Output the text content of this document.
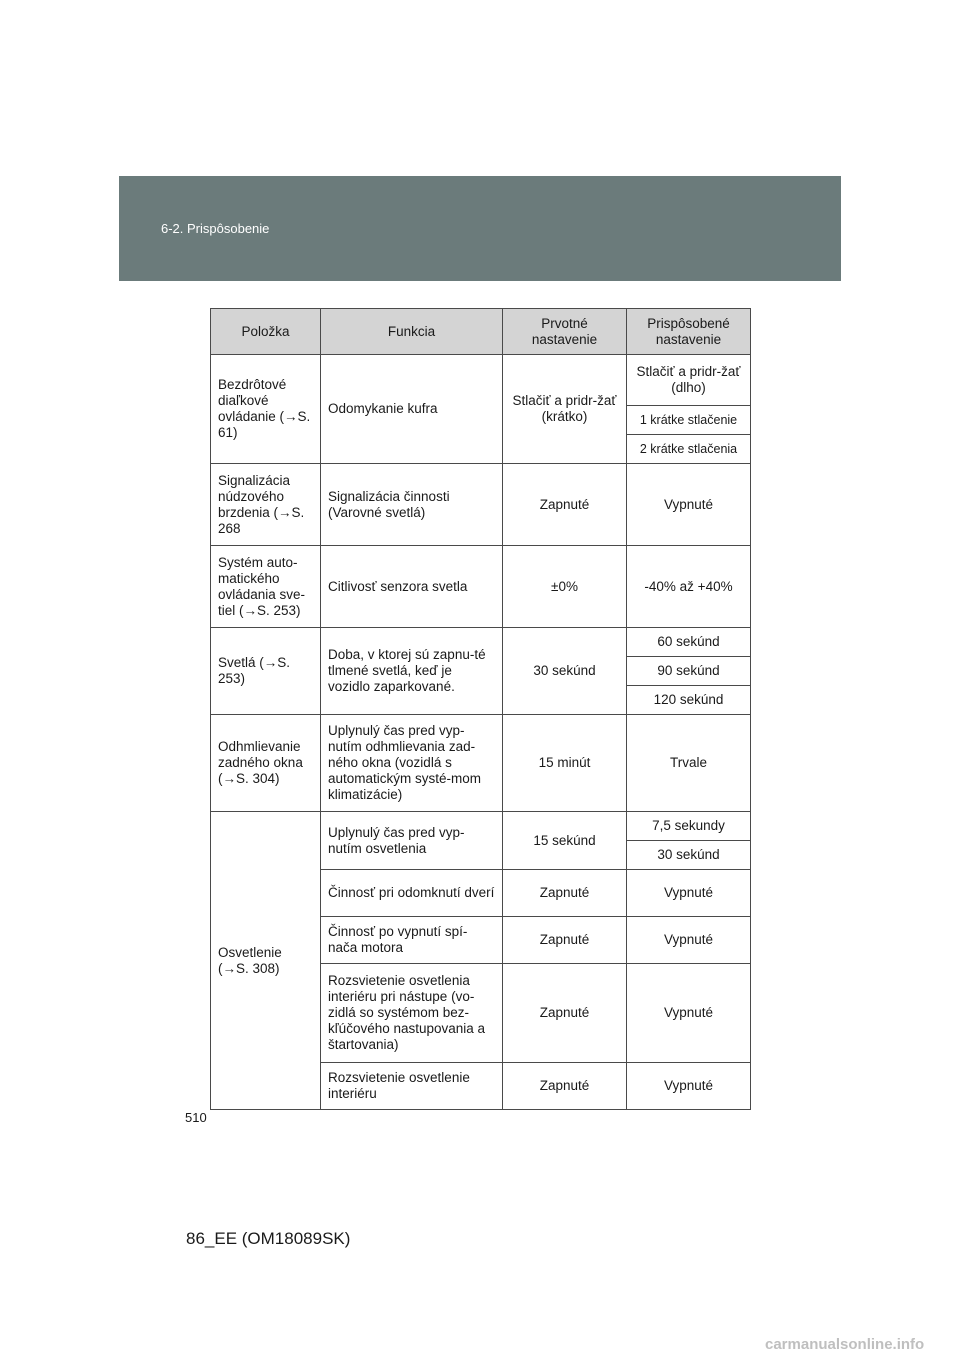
6-2. Prispôsobenie
Položka	Funkcia	Prvotné nastavenie	Prispôsobené nastavenie
Bezdrôtové diaľkové ovládanie (→S. 61)	Odomykanie kufra	Stlačiť a pridr-žať (krátko)	Stlačiť a pridr-žať (dlho)
			1 krátke stlačenie
			2 krátke stlačenia
Signalizácia núdzového brzdenia (→S. 268	Signalizácia činnosti (Varovné svetlá)	Zapnuté	Vypnuté
Systém auto-matického ovládania sve-tiel (→S. 253)	Citlivosť senzora svetla	±0%	-40% až +40%
Svetlá (→S. 253)	Doba, v ktorej sú zapnu-té tlmené svetlá, keď je vozidlo zaparkované.	30 sekúnd	60 sekúnd
			90 sekúnd
			120 sekúnd
Odhmlievanie zadného okna (→S. 304)	Uplynulý čas pred vyp-nutím odhmlievania zad-ného okna (vozidlá s automatickým systé-mom klimatizácie)	15 minút	Trvale
Osvetlenie (→S. 308)	Uplynulý čas pred vyp-nutím osvetlenia	15 sekúnd	7,5 sekundy
			30 sekúnd
	Činnosť pri odomknutí dverí	Zapnuté	Vypnuté
	Činnosť po vypnutí spí-nača motora	Zapnuté	Vypnuté
	Rozsvietenie osvetlenia interiéru pri nástupe (vo-zidlá so systémom bez-kľúčového nastupovania a štartovania)	Zapnuté	Vypnuté
	Rozsvietenie osvetlenie interiéru	Zapnuté	Vypnuté
510
86_EE (OM18089SK)
carmanualsonline.info
